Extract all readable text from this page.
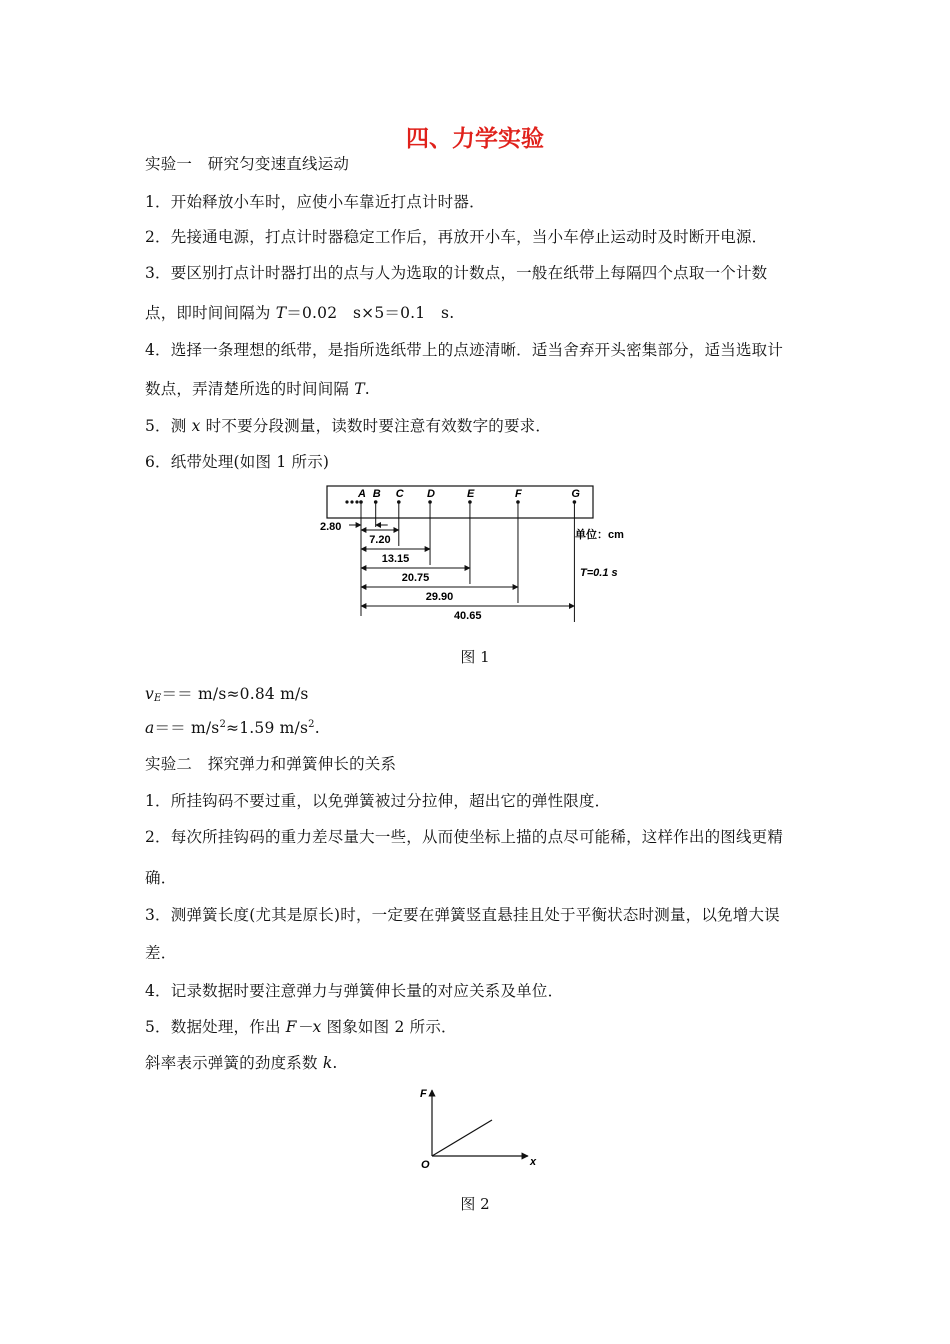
四、力学实验
实验一　研究匀变速直线运动
1．开始释放小车时，应使小车靠近打点计时器．
2．先接通电源，打点计时器稳定工作后，再放开小车，当小车停止运动时及时断开电源．
3．要区别打点计时器打出的点与人为选取的计数点，一般在纸带上每隔四个点取一个计数
点，即时间间隔为 T＝0.02　s×5＝0.1　s.
4．选择一条理想的纸带，是指所选纸带上的点迹清晰．适当舍弃开头密集部分，适当选取计
数点，弄清楚所选的时间间隔 T.
5．测 x 时不要分段测量，读数时要注意有效数字的要求．
6．纸带处理(如图 1 所示)
A B C D	E	F	G
2.80
7.20
13.15
20.75
29.90
40.65
单位：cm
T=0.1 s
图 1
$v_E== m/s\approx 0.84$ m/s
$a== m/s^2\approx 1.59$ $m/s^2$.
实验二　探究弹力和弹簧伸长的关系
1．所挂钩码不要过重，以免弹簧被过分拉伸，超出它的弹性限度．
2．每次所挂钩码的重力差尽量大一些，从而使坐标上描的点尽可能稀，这样作出的图线更精
确．
3．测弹簧长度(尤其是原长)时，一定要在弹簧竖直悬挂且处于平衡状态时测量，以免增大误
差．
4．记录数据时要注意弹力与弹簧伸长量的对应关系及单位．
5．数据处理，作出 F－x 图象如图 2 所示．
斜率表示弹簧的劲度系数 k.
F
x
O
图 2
